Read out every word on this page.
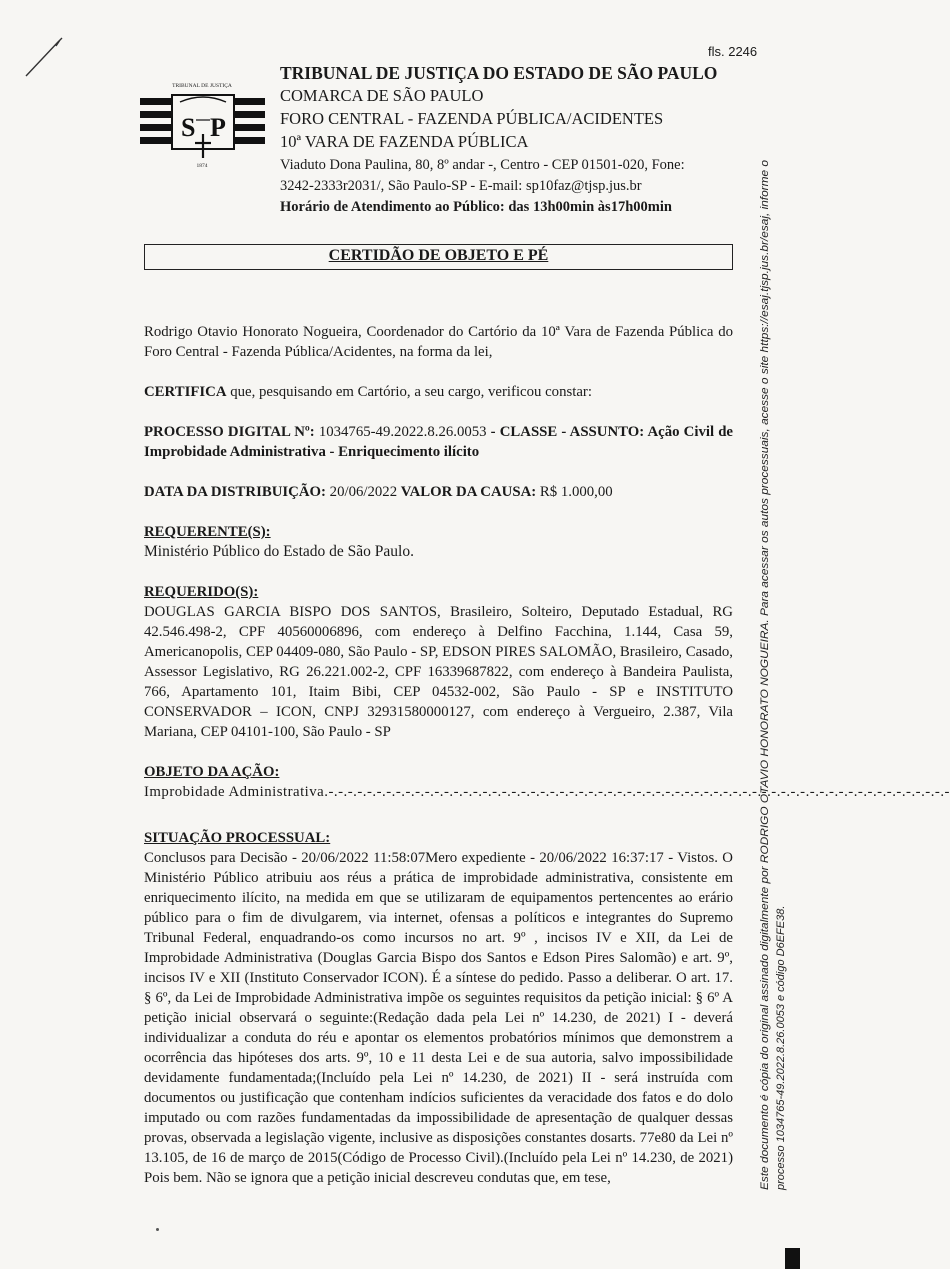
fls. 2246
TRIBUNAL DE JUSTIÇA
S P
1874
TRIBUNAL DE JUSTIÇA DO ESTADO DE SÃO PAULO
COMARCA DE SÃO PAULO
FORO CENTRAL - FAZENDA PÚBLICA/ACIDENTES
10ª VARA DE FAZENDA PÚBLICA
Viaduto Dona Paulina, 80, 8º andar -, Centro - CEP 01501-020, Fone:
3242-2333r2031/, São Paulo-SP - E-mail: sp10faz@tjsp.jus.br
Horário de Atendimento ao Público: das 13h00min às17h00min
CERTIDÃO DE OBJETO E PÉ

Rodrigo Otavio Honorato Nogueira, Coordenador do Cartório da 10ª Vara de Fazenda Pública do Foro Central - Fazenda Pública/Acidentes, na forma da lei,

CERTIFICA que, pesquisando em Cartório, a seu cargo, verificou constar:

PROCESSO DIGITAL Nº: 1034765-49.2022.8.26.0053 - CLASSE - ASSUNTO: Ação Civil de Improbidade Administrativa - Enriquecimento ilícito

DATA DA DISTRIBUIÇÃO: 20/06/2022 VALOR DA CAUSA: R$ 1.000,00

REQUERENTE(S):

Ministério Público do Estado de São Paulo.

REQUERIDO(S):

DOUGLAS GARCIA BISPO DOS SANTOS, Brasileiro, Solteiro, Deputado Estadual, RG 42.546.498-2, CPF 40560006896, com endereço à Delfino Facchina, 1.144, Casa 59, Americanopolis, CEP 04409-080, São Paulo - SP, EDSON PIRES SALOMÃO, Brasileiro, Casado, Assessor Legislativo, RG 26.221.002-2, CPF 16339687822, com endereço à Bandeira Paulista, 766, Apartamento 101, Itaim Bibi, CEP 04532-002, São Paulo - SP e INSTITUTO CONSERVADOR – ICON, CNPJ 32931580000127, com endereço à Vergueiro, 2.387, Vila Mariana, CEP 04101-100, São Paulo - SP

OBJETO DA AÇÃO:

Improbidade Administrativa.-.-.-.-.-.-.-.-.-.-.-.-.-.-.-.-.-.-.-.-.-.-.-.-.-.-.-.-.-.-.-.-.-.-.-.-.-.-.-.-.-.-.-.-.-.-.-.-.-.-.-.-.-.-.-.-.-.-.-.-.-.-.-.-.-

SITUAÇÃO PROCESSUAL:

Conclusos para Decisão - 20/06/2022 11:58:07Mero expediente - 20/06/2022 16:37:17 - Vistos. O Ministério Público atribuiu aos réus a prática de improbidade administrativa, consistente em enriquecimento ilícito, na medida em que se utilizaram de equipamentos pertencentes ao erário público para o fim de divulgarem, via internet, ofensas a políticos e integrantes do Supremo Tribunal Federal, enquadrando-os como incursos no art. 9º , incisos IV e XII, da Lei de Improbidade Administrativa (Douglas Garcia Bispo dos Santos e Edson Pires Salomão) e art. 9º, incisos IV e XII (Instituto Conservador ICON). É a síntese do pedido. Passo a deliberar. O art. 17. § 6º, da Lei de Improbidade Administrativa impõe os seguintes requisitos da petição inicial: § 6º A petição inicial observará o seguinte:(Redação dada pela Lei nº 14.230, de 2021) I - deverá individualizar a conduta do réu e apontar os elementos probatórios mínimos que demonstrem a ocorrência das hipóteses dos arts. 9º, 10 e 11 desta Lei e de sua autoria, salvo impossibilidade devidamente fundamentada;(Incluído pela Lei nº 14.230, de 2021) II - será instruída com documentos ou justificação que contenham indícios suficientes da veracidade dos fatos e do dolo imputado ou com razões fundamentadas da impossibilidade de apresentação de qualquer dessas provas, observada a legislação vigente, inclusive as disposições constantes dosarts. 77e80 da Lei nº 13.105, de 16 de março de 2015(Código de Processo Civil).(Incluído pela Lei nº 14.230, de 2021) Pois bem. Não se ignora que a petição inicial descreveu condutas que, em tese,	Este documento é cópia do original assinado digitalmente por RODRIGO OTAVIO HONORATO NOGUEIRA. Para acessar os autos processuais, acesse o site https://esaj.tjsp.jus.br/esaj, informe o processo 1034765-49.2022.8.26.0053 e código D6EFE38.
